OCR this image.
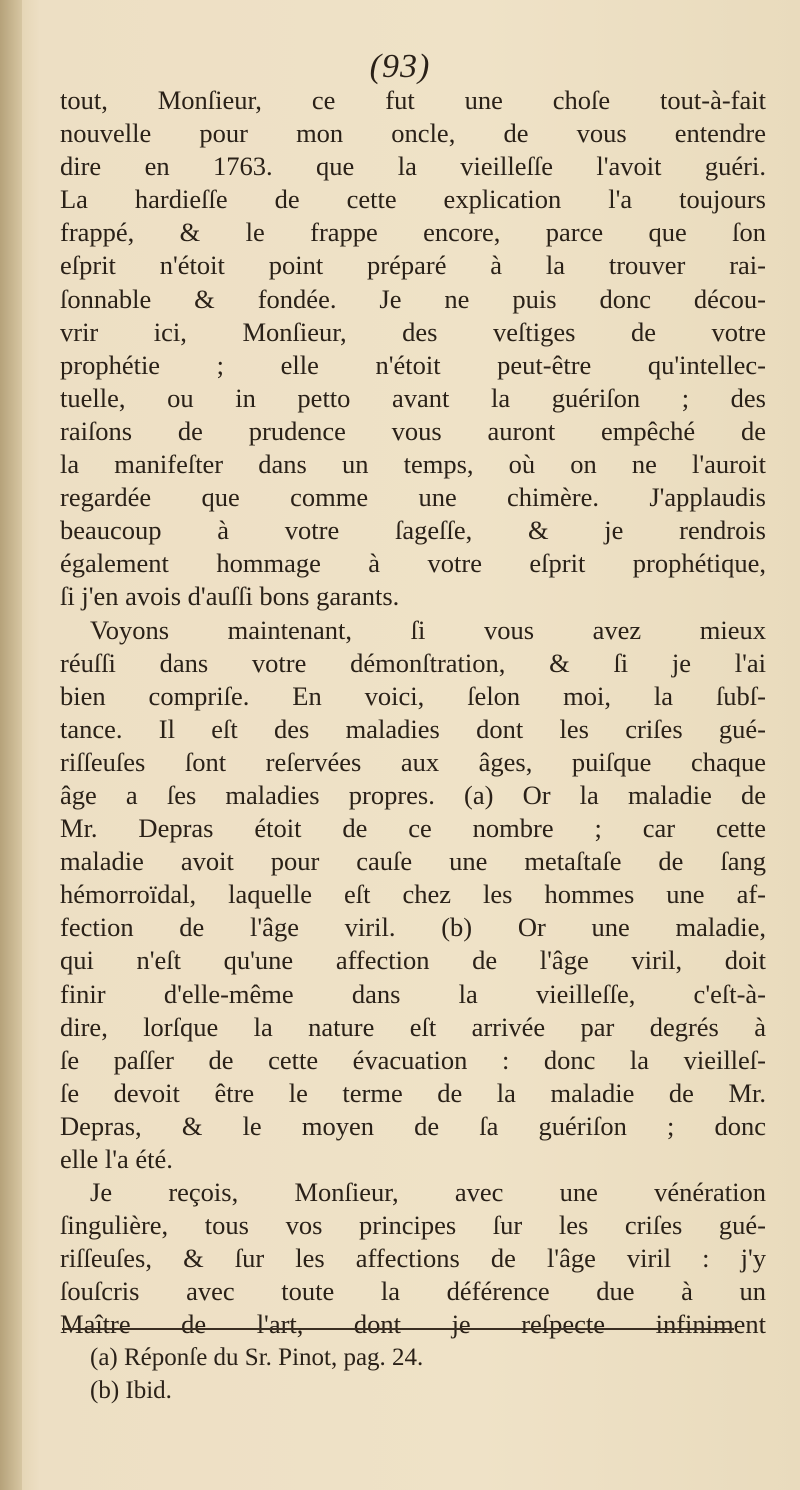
(93)
tout, Monſieur, ce fut une choſe tout-à-fait
nouvelle pour mon oncle, de vous entendre
dire en 1763. que la vieilleſſe l'avoit guéri.
La hardieſſe de cette explication l'a toujours
frappé, & le frappe encore, parce que ſon
eſprit n'étoit point préparé à la trouver rai-
ſonnable & fondée. Je ne puis donc décou-
vrir ici, Monſieur, des veſtiges de votre
prophétie ; elle n'étoit peut-être qu'intellec-
tuelle, ou in petto avant la guériſon ; des
raiſons de prudence vous auront empêché de
la manifeſter dans un temps, où on ne l'auroit
regardée que comme une chimère. J'applaudis
beaucoup à votre ſageſſe, & je rendrois
également hommage à votre eſprit prophétique,
ſi j'en avois d'auſſi bons garants.
Voyons maintenant, ſi vous avez mieux
réuſſi dans votre démonſtration, & ſi je l'ai
bien compriſe. En voici, ſelon moi, la ſubſ-
tance. Il eſt des maladies dont les criſes gué-
riſſeuſes ſont reſervées aux âges, puiſque chaque
âge a ſes maladies propres. (a) Or la maladie de
Mr. Depras étoit de ce nombre ; car cette
maladie avoit pour cauſe une metaſtaſe de ſang
hémorroïdal, laquelle eſt chez les hommes une af-
fection de l'âge viril. (b) Or une maladie,
qui n'eſt qu'une affection de l'âge viril, doit
finir d'elle-même dans la vieilleſſe, c'eſt-à-
dire, lorſque la nature eſt arrivée par degrés à
ſe paſſer de cette évacuation : donc la vieilleſ-
ſe devoit être le terme de la maladie de Mr.
Depras, & le moyen de ſa guériſon ; donc
elle l'a été.
Je reçois, Monſieur, avec une vénération
ſingulière, tous vos principes ſur les criſes gué-
riſſeuſes, & ſur les affections de l'âge viril : j'y
ſouſcris avec toute la déférence due à un
Maître de l'art, dont je reſpecte infiniment
(a) Réponſe du Sr. Pinot, pag. 24.
(b) Ibid.
